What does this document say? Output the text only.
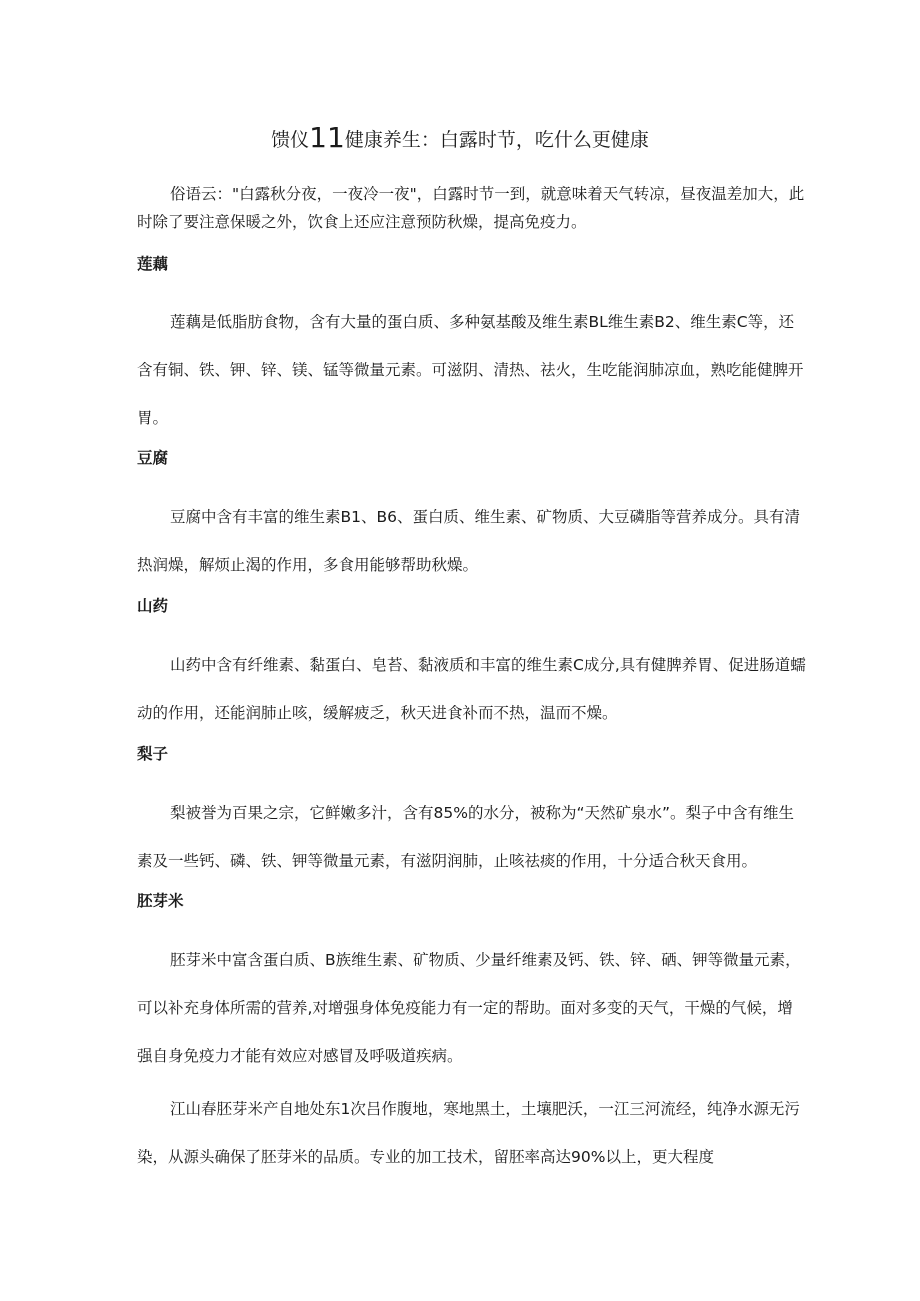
馈仪11健康养生：白露时节，吃什么更健康

俗语云："白露秋分夜，一夜冷一夜"，白露时节一到，就意味着天气转凉，昼夜温差加大，此时除了要注意保暖之外，饮食上还应注意预防秋燥，提高免疫力。

莲藕

莲藕是低脂肪食物，含有大量的蛋白质、多种氨基酸及维生素BL维生素B2、维生素C等，还含有铜、铁、钾、锌、镁、锰等微量元素。可滋阴、清热、祛火，生吃能润肺凉血，熟吃能健脾开胃。

豆腐

豆腐中含有丰富的维生素B1、B6、蛋白质、维生素、矿物质、大豆磷脂等营养成分。具有清热润燥，解烦止渴的作用，多食用能够帮助秋燥。

山药

山药中含有纤维素、黏蛋白、皂苔、黏液质和丰富的维生素C成分,具有健脾养胃、促进肠道蠕动的作用，还能润肺止咳，缓解疲乏，秋天进食补而不热，温而不燥。

梨子

梨被誉为百果之宗，它鲜嫩多汁，含有85%的水分，被称为“天然矿泉水”。梨子中含有维生素及一些钙、磷、铁、钾等微量元素，有滋阴润肺，止咳祛痰的作用，十分适合秋天食用。

胚芽米

胚芽米中富含蛋白质、B族维生素、矿物质、少量纤维素及钙、铁、锌、硒、钾等微量元素，可以补充身体所需的营养,对增强身体免疫能力有一定的帮助。面对多变的天气，干燥的气候，增强自身免疫力才能有效应对感冒及呼吸道疾病。

江山春胚芽米产自地处东1次吕作腹地，寒地黑土，土壤肥沃，一江三河流经，纯净水源无污染，从源头确保了胚芽米的品质。专业的加工技术，留胚率高达90%以上，更大程度
